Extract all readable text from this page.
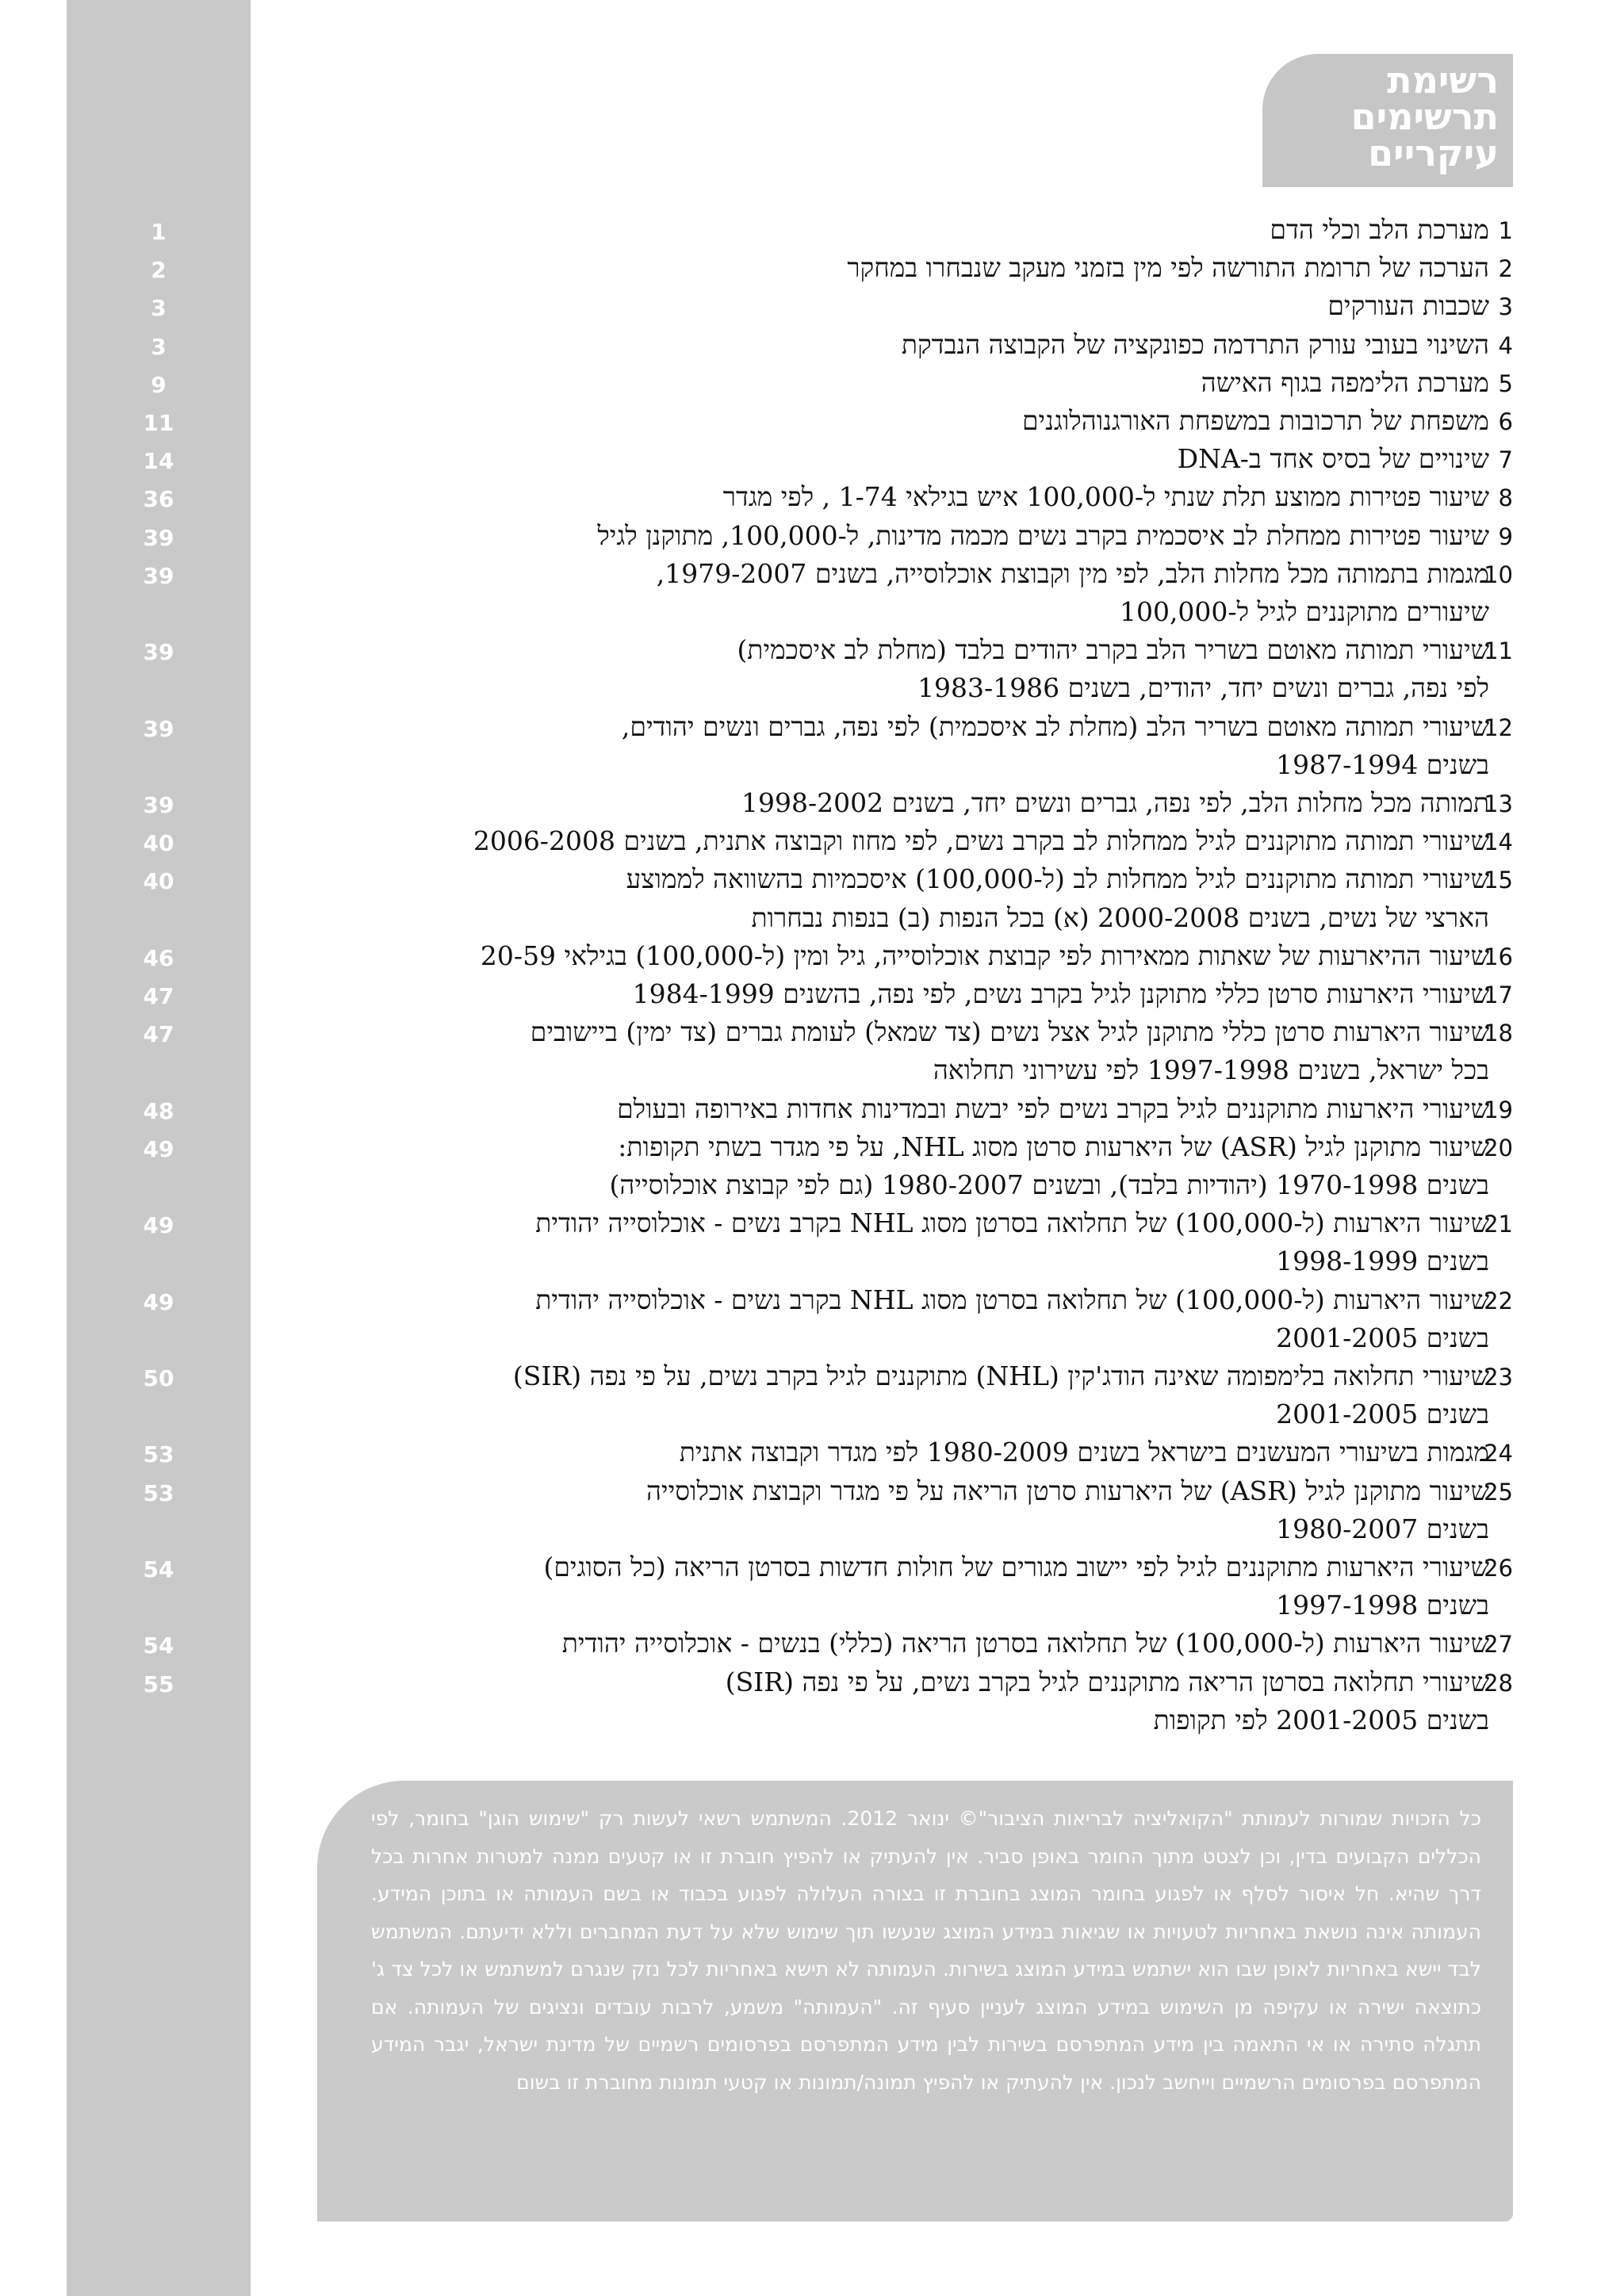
1
2
3
3
9
11
14
36
39
39
39
39
39
40
40
46
47
47
48
49
49
49
50
53
53
54
54
55
רשימת
תרשימים
עיקריים
1
מערכת הלב וכלי הדם
2
הערכה של תרומת התורשה לפי מין בזמני מעקב שנבחרו במחקר
3
שכבות העורקים
4
השינוי בעובי עורק התרדמה כפונקציה של הקבוצה הנבדקת
5
מערכת הלימפה בגוף האישה
6
משפחת של תרכובות במשפחת האורגנוהלוגנים
7
שינויים של בסיס אחד ב-DNA
8
שיעור פטירות ממוצע תלת שנתי ל-100,000 איש בגילאי 1-74 , לפי מגדר
9
שיעור פטירות ממחלת לב איסכמית בקרב נשים מכמה מדינות, ל-100,000, מתוקנן לגיל
10
מגמות בתמותה מכל מחלות הלב, לפי מין וקבוצת אוכלוסייה, בשנים 1979-2007,
שיעורים מתוקננים לגיל ל-100,000
11
שיעורי תמותה מאוטם בשריר הלב בקרב יהודים בלבד (מחלת לב איסכמית)
לפי נפה, גברים ונשים יחד, יהודים, בשנים 1983-1986
12
שיעורי תמותה מאוטם בשריר הלב (מחלת לב איסכמית) לפי נפה, גברים ונשים יהודים,
בשנים 1987-1994
13
תמותה מכל מחלות הלב, לפי נפה, גברים ונשים יחד, בשנים 1998-2002
14
שיעורי תמותה מתוקננים לגיל ממחלות לב בקרב נשים, לפי מחוז וקבוצה אתנית, בשנים 2006-2008
15
שיעורי תמותה מתוקננים לגיל ממחלות לב (ל-100,000) איסכמיות בהשוואה לממוצע
הארצי של נשים, בשנים 2000-2008 (א) בכל הנפות (ב) בנפות נבחרות
16
שיעור ההיארעות של שאתות ממאירות לפי קבוצת אוכלוסייה, גיל ומין (ל-100,000) בגילאי 20-59
17
שיעורי היארעות סרטן כללי מתוקנן לגיל בקרב נשים, לפי נפה, בהשנים 1984-1999
18
שיעור היארעות סרטן כללי מתוקנן לגיל אצל נשים (צד שמאל) לעומת גברים (צד ימין) ביישובים
בכל ישראל, בשנים 1997-1998 לפי עשירוני תחלואה
19
שיעורי היארעות מתוקננים לגיל בקרב נשים לפי יבשת ובמדינות אחדות באירופה ובעולם
20
שיעור מתוקנן לגיל (ASR) של היארעות סרטן מסוג NHL, על פי מגדר בשתי תקופות:
בשנים 1970-1998 (יהודיות בלבד), ובשנים 1980-2007 (גם לפי קבוצת אוכלוסייה)
21
שיעור היארעות (ל-100,000) של תחלואה בסרטן מסוג NHL בקרב נשים - אוכלוסייה יהודית
בשנים 1998-1999
22
שיעור היארעות (ל-100,000) של תחלואה בסרטן מסוג NHL בקרב נשים - אוכלוסייה יהודית
בשנים 2001-2005
23
שיעורי תחלואה בלימפומה שאינה הודג'קין (NHL) מתוקננים לגיל בקרב נשים, על פי נפה (SIR)
בשנים 2001-2005
24
מגמות בשיעורי המעשנים בישראל בשנים 1980-2009 לפי מגדר וקבוצה אתנית
25
שיעור מתוקנן לגיל (ASR) של היארעות סרטן הריאה על פי מגדר וקבוצת אוכלוסייה
בשנים 1980-2007
26
שיעורי היארעות מתוקננים לגיל לפי יישוב מגורים של חולות חדשות בסרטן הריאה (כל הסוגים)
בשנים 1997-1998
27
שיעור היארעות (ל-100,000) של תחלואה בסרטן הריאה (כללי) בנשים - אוכלוסייה יהודית
28
שיעורי תחלואה בסרטן הריאה מתוקננים לגיל בקרב נשים, על פי נפה (SIR)
בשנים 2001-2005 לפי תקופות
כל הזכויות שמורות לעמותת "הקואליציה לבריאות הציבור"© ינואר 2012. המשתמש רשאי לעשות רק "שימוש הוגן" בחומר, לפי הכללים הקבועים בדין, וכן לצטט מתוך החומר באופן סביר. אין להעתיק או להפיץ חוברת זו או קטעים ממנה למטרות אחרות בכל דרך שהיא. חל איסור לסלף או לפגוע בחומר המוצג בחוברת זו בצורה העלולה לפגוע בכבוד או בשם העמותה או בתוכן המידע. העמותה אינה נושאת באחריות לטעויות או שגיאות במידע המוצג שנעשו תוך שימוש שלא על דעת המחברים וללא ידיעתם. המשתמש לבד יישא באחריות לאופן שבו הוא ישתמש במידע המוצג בשירות. העמותה לא תישא באחריות לכל נזק שנגרם למשתמש או לכל צד ג' כתוצאה ישירה או עקיפה מן השימוש במידע המוצג לעניין סעיף זה. "העמותה" משמע, לרבות עובדים ונציגים של העמותה. אם תתגלה סתירה או אי התאמה בין מידע המתפרסם בשירות לבין מידע המתפרסם בפרסומים רשמיים של מדינת ישראל, יגבר המידע המתפרסם בפרסומים הרשמיים וייחשב לנכון. אין להעתיק או להפיץ תמונה/תמונות או קטעי תמונות מחוברת זו בשום
